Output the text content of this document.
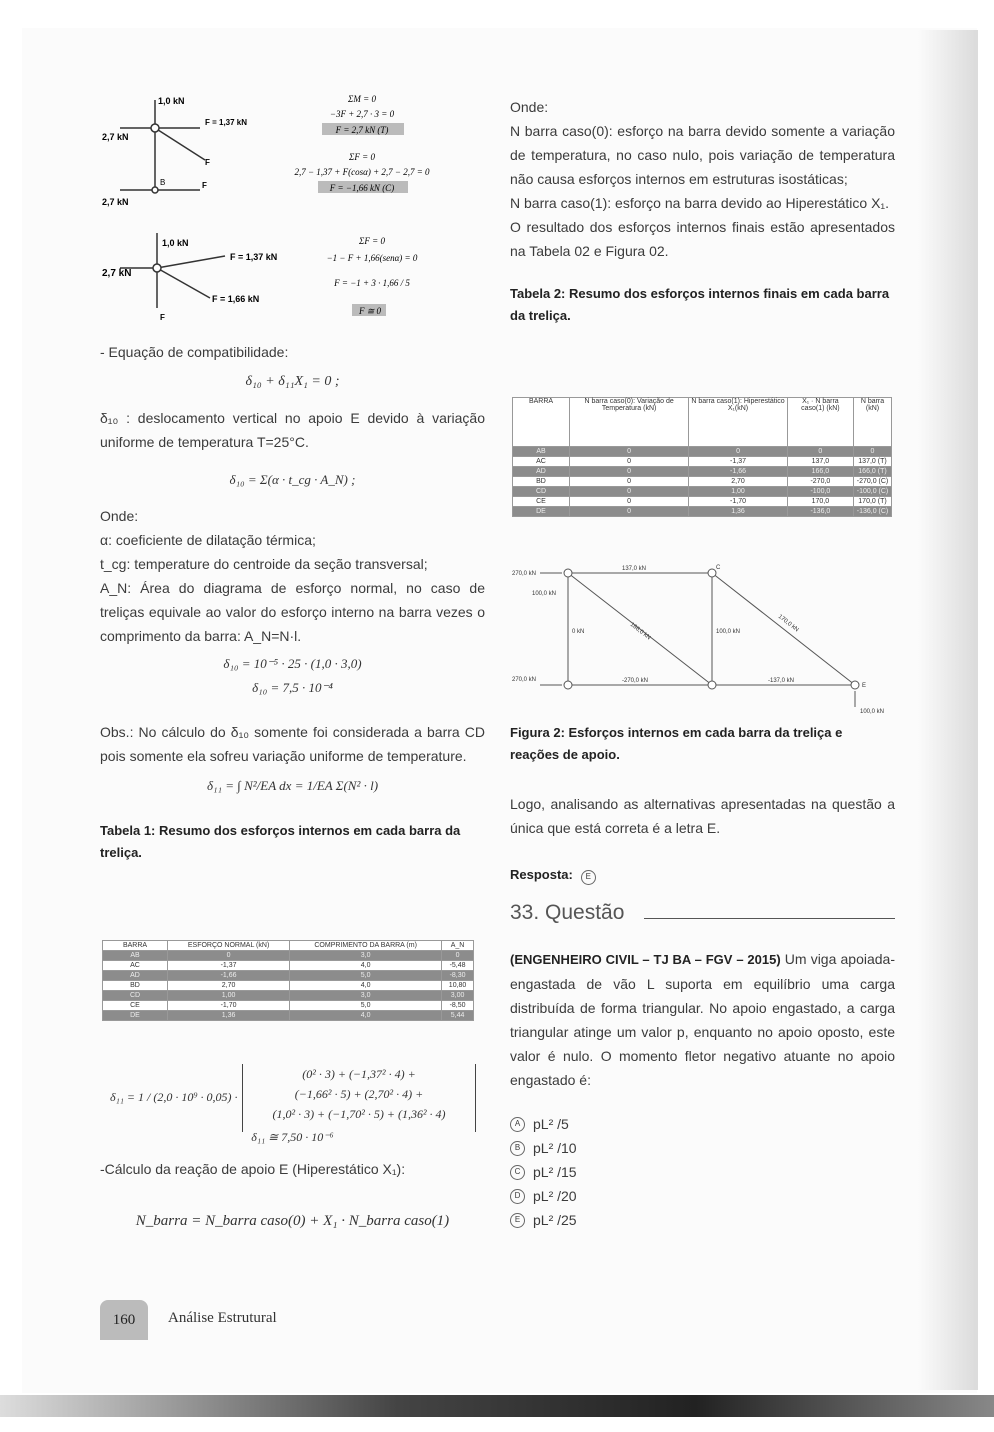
1,0 kN
2,7 kN
F = 1,37 kN
F
B	F
2,7 kN
ΣM = 0
−3F + 2,7 · 3 = 0
F = 2,7 kN (T)
ΣF = 0
2,7 − 1,37 + F(cosα) + 2,7 − 2,7 = 0
F = −1,66 kN (C)
1,0 kN
2,7 kN
F = 1,37 kN
F = 1,66 kN
F
ΣF = 0
−1 − F + 1,66(senα) = 0
F = −1 + 3 · 1,66 / 5
F ≅ 0

- Equação de compatibilidade:

δ₁₀ + δ₁₁X₁ = 0 ;

δ₁₀ : deslocamento vertical no apoio E devido à variação uniforme de temperatura T=25°C.

δ₁₀ = Σ(α · t_cg · A_N) ;

Onde:

α: coeficiente de dilatação térmica;

t_cg: temperature do centroide da seção transversal;

A_N: Área do diagrama de esforço normal, no caso de treliças equivale ao valor do esforço interno na barra vezes o comprimento da barra: A_N=N·l.

δ₁₀ = 10⁻⁵ · 25 · (1,0 · 3,0)

δ₁₀ = 7,5 · 10⁻⁴

Obs.: No cálculo do δ₁₀ somente foi considerada a barra CD pois somente ela sofreu variação uniforme de temperature.

δ₁₁ = ∫ N²/EA dx = 1/EA Σ(N² · l)

Tabela 1: Resumo dos esforços internos em cada barra da treliça.

BARRA	ESFORÇO NORMAL (kN)	COMPRIMENTO DA BARRA (m)	A_N
AB	0	3,0	0
AC	-1,37	4,0	-5,48
AD	-1,66	5,0	-8,30
BD	2,70	4,0	10,80
CD	1,00	3,0	3,00
CE	-1,70	5,0	-8,50
DE	1,36	4,0	5,44
δ₁₁ = 1 / (2,0 · 10⁹ · 0,05) ·
(0² · 3) + (−1,37² · 4) +
(−1,66² · 5) + (2,70² · 4) +
(1,0² · 3) + (−1,70² · 5) + (1,36² · 4)

δ₁₁ ≅ 7,50 · 10⁻⁶

-Cálculo da reação de apoio E (Hiperestático X₁):

N_barra = N_barra caso(0) + X₁ · N_barra caso(1)

160	Análise Estrutural

Onde:

N barra caso(0): esforço na barra devido somente a variação de temperatura, no caso nulo, pois variação de temperatura não causa esforços internos em estruturas isostáticas;

N barra caso(1): esforço na barra devido ao Hiperestático X₁.

O resultado dos esforços internos finais estão apresentados na Tabela 02 e Figura 02.

Tabela 2: Resumo dos esforços internos finais em cada barra da treliça.

BARRA	N barra caso(0): Variação de Temperatura (kN)	N barra caso(1): Hiperestático X₁(kN)	X₁ · N barra caso(1) (kN)	N barra (kN)
AB	0	0	0	0
AC	0	-1,37	137,0	137,0 (T)
AD	0	-1,66	166,0	166,0 (T)
BD	0	2,70	-270,0	-270,0 (C)
CD	0	1,00	-100,0	-100,0 (C)
CE	0	-1,70	170,0	170,0 (T)
DE	0	1,36	-136,0	-136,0 (C)
270,0 kN
100,0 kN
137,0 kN
0 kN	166,0 kN	100,0 kN	170,0 kN
270,0 kN	-270,0 kN	-137,0 kN
100,0 kN
C
E

Figura 2: Esforços internos em cada barra da treliça e reações de apoio.

Logo, analisando as alternativas apresentadas na questão a única que está correta é a letra E.

Resposta: E

33. Questão

(ENGENHEIRO CIVIL – TJ BA – FGV – 2015) Um viga apoiada-engastada de vão L suporta em equilíbrio uma carga distribuída de forma triangular. No apoio engastado, a carga triangular atinge um valor p, enquanto no apoio oposto, este valor é nulo. O momento fletor negativo atuante no apoio engastado é:

A pL² /5
B pL² /10
C pL² /15
D pL² /20
E pL² /25
